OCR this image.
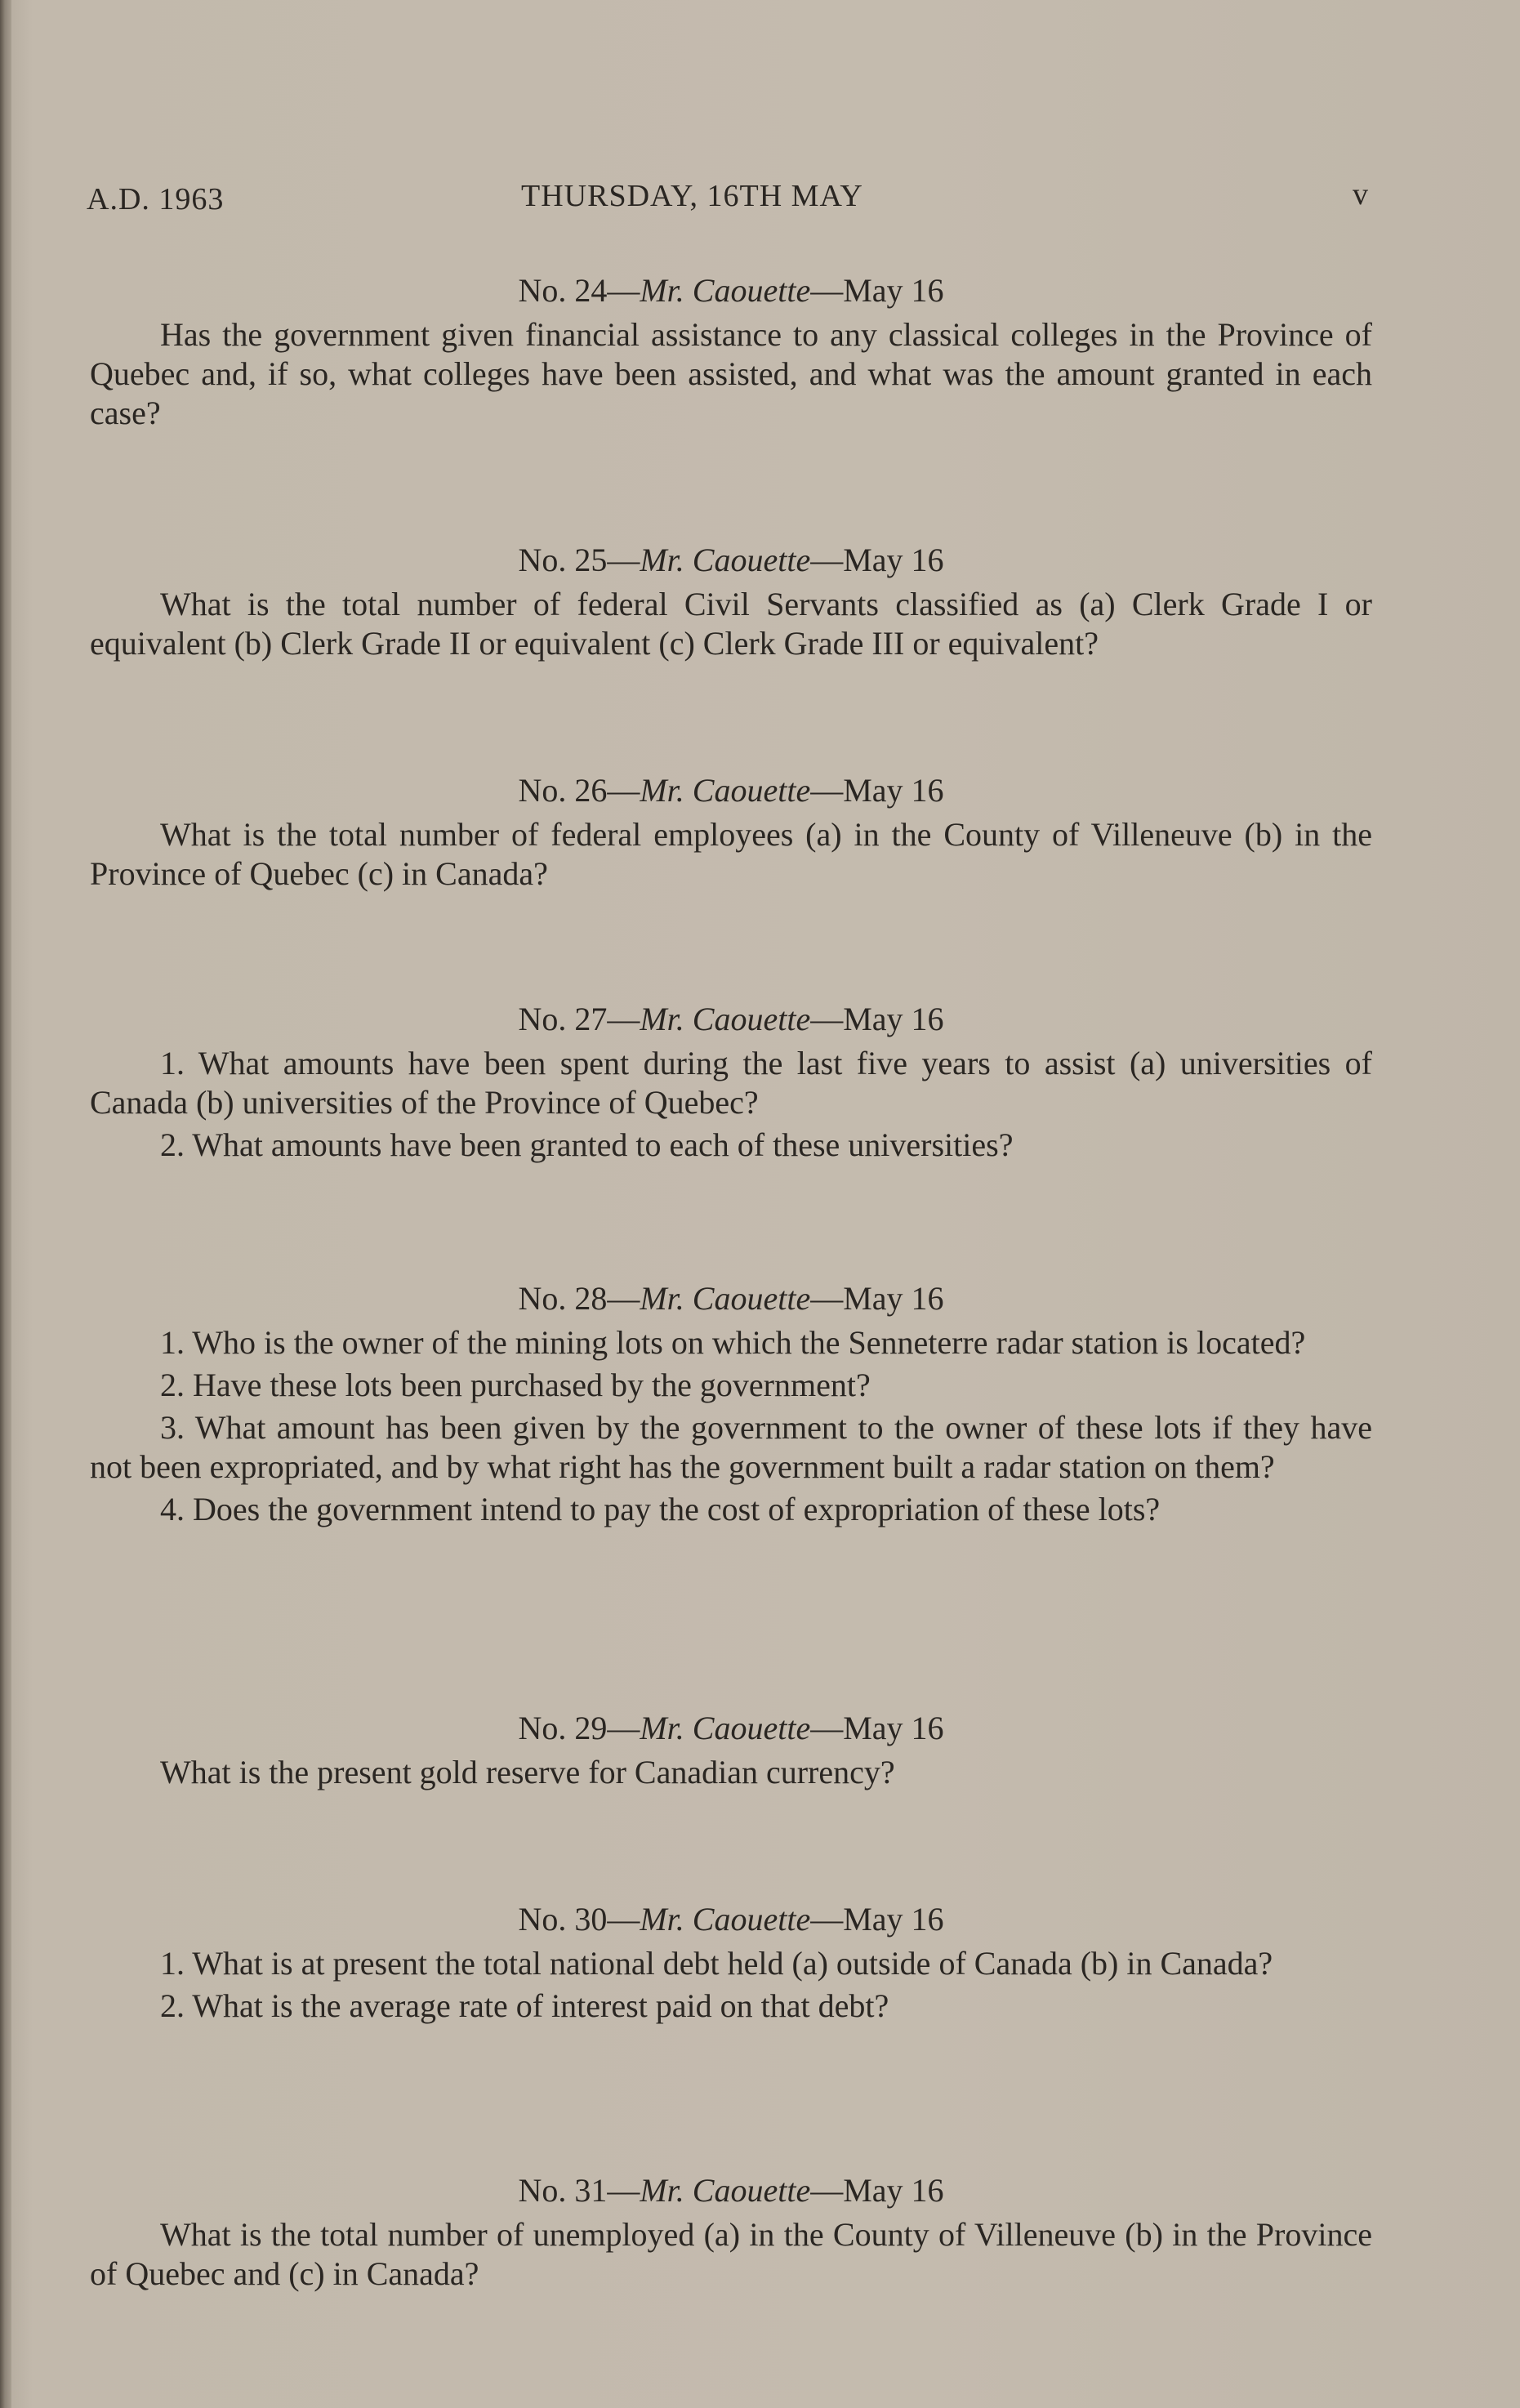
A.D. 1963	THURSDAY, 16TH MAY	v
No. 24—Mr. Caouette—May 16

Has the government given financial assistance to any classical colleges in the Province of Quebec and, if so, what colleges have been assisted, and what was the amount granted in each case?

No. 25—Mr. Caouette—May 16

What is the total number of federal Civil Servants classified as (a) Clerk Grade I or equivalent (b) Clerk Grade II or equivalent (c) Clerk Grade III or equivalent?

No. 26—Mr. Caouette—May 16

What is the total number of federal employees (a) in the County of Villeneuve (b) in the Province of Quebec (c) in Canada?

No. 27—Mr. Caouette—May 16

1. What amounts have been spent during the last five years to assist (a) universities of Canada (b) universities of the Province of Quebec?

2. What amounts have been granted to each of these universities?

No. 28—Mr. Caouette—May 16

1. Who is the owner of the mining lots on which the Senneterre radar station is located?

2. Have these lots been purchased by the government?

3. What amount has been given by the government to the owner of these lots if they have not been expropriated, and by what right has the government built a radar station on them?

4. Does the government intend to pay the cost of expropriation of these lots?

No. 29—Mr. Caouette—May 16

What is the present gold reserve for Canadian currency?

No. 30—Mr. Caouette—May 16

1. What is at present the total national debt held (a) outside of Canada (b) in Canada?

2. What is the average rate of interest paid on that debt?

No. 31—Mr. Caouette—May 16

What is the total number of unemployed (a) in the County of Villeneuve (b) in the Province of Quebec and (c) in Canada?
